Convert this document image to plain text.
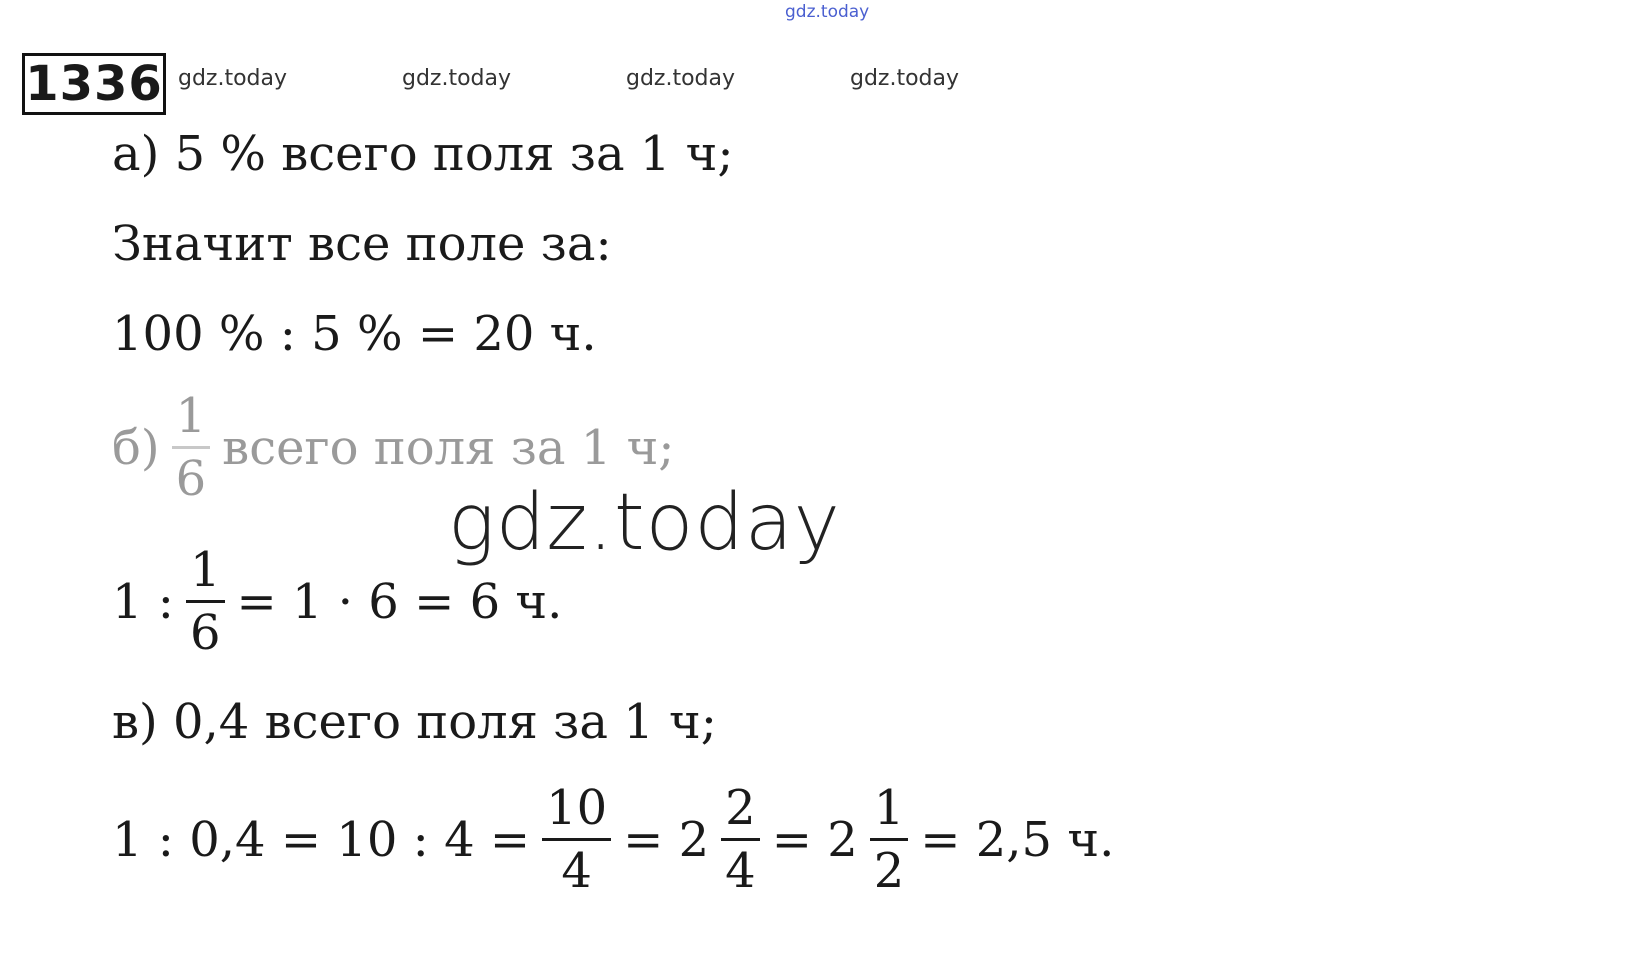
gdz.today
gdz.today	gdz.today	gdz.today	gdz.today
1336
а) 5 % всего поля за 1 ч;
Значит все поле за:
100 % : 5 % = 20 ч.
$б) \frac{1}{6}$ всего поля за 1 ч;
gdz.today
1 : $\frac{1}{6} = 1 \cdot 6 = 6$ ч.
в) 0,4 всего поля за 1 ч;
1 : 0,4 = 10 : $4 = \frac{10}{4} = 2 \frac{2}{4} = 2 \frac{1}{2} = 2,5$ ч.
